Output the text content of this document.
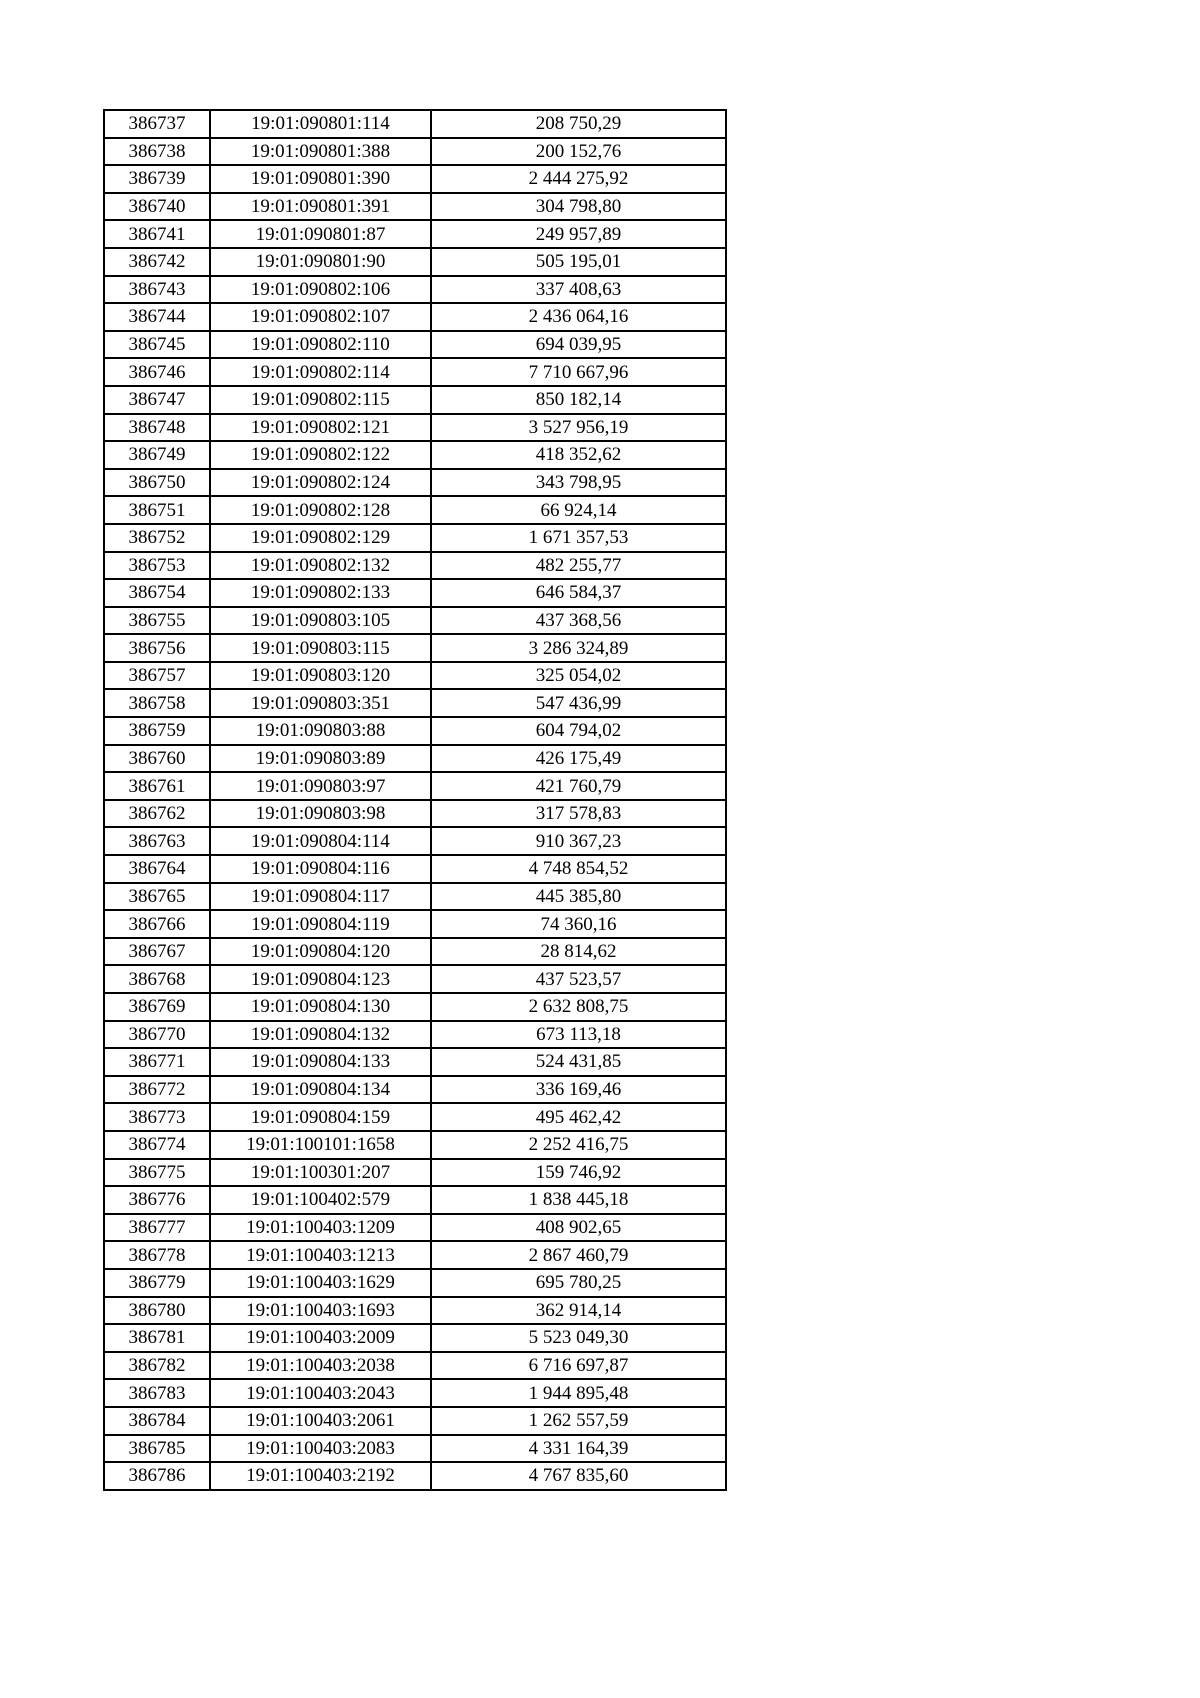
386737	19:01:090801:114	208 750,29
386738	19:01:090801:388	200 152,76
386739	19:01:090801:390	2 444 275,92
386740	19:01:090801:391	304 798,80
386741	19:01:090801:87	249 957,89
386742	19:01:090801:90	505 195,01
386743	19:01:090802:106	337 408,63
386744	19:01:090802:107	2 436 064,16
386745	19:01:090802:110	694 039,95
386746	19:01:090802:114	7 710 667,96
386747	19:01:090802:115	850 182,14
386748	19:01:090802:121	3 527 956,19
386749	19:01:090802:122	418 352,62
386750	19:01:090802:124	343 798,95
386751	19:01:090802:128	66 924,14
386752	19:01:090802:129	1 671 357,53
386753	19:01:090802:132	482 255,77
386754	19:01:090802:133	646 584,37
386755	19:01:090803:105	437 368,56
386756	19:01:090803:115	3 286 324,89
386757	19:01:090803:120	325 054,02
386758	19:01:090803:351	547 436,99
386759	19:01:090803:88	604 794,02
386760	19:01:090803:89	426 175,49
386761	19:01:090803:97	421 760,79
386762	19:01:090803:98	317 578,83
386763	19:01:090804:114	910 367,23
386764	19:01:090804:116	4 748 854,52
386765	19:01:090804:117	445 385,80
386766	19:01:090804:119	74 360,16
386767	19:01:090804:120	28 814,62
386768	19:01:090804:123	437 523,57
386769	19:01:090804:130	2 632 808,75
386770	19:01:090804:132	673 113,18
386771	19:01:090804:133	524 431,85
386772	19:01:090804:134	336 169,46
386773	19:01:090804:159	495 462,42
386774	19:01:100101:1658	2 252 416,75
386775	19:01:100301:207	159 746,92
386776	19:01:100402:579	1 838 445,18
386777	19:01:100403:1209	408 902,65
386778	19:01:100403:1213	2 867 460,79
386779	19:01:100403:1629	695 780,25
386780	19:01:100403:1693	362 914,14
386781	19:01:100403:2009	5 523 049,30
386782	19:01:100403:2038	6 716 697,87
386783	19:01:100403:2043	1 944 895,48
386784	19:01:100403:2061	1 262 557,59
386785	19:01:100403:2083	4 331 164,39
386786	19:01:100403:2192	4 767 835,60
